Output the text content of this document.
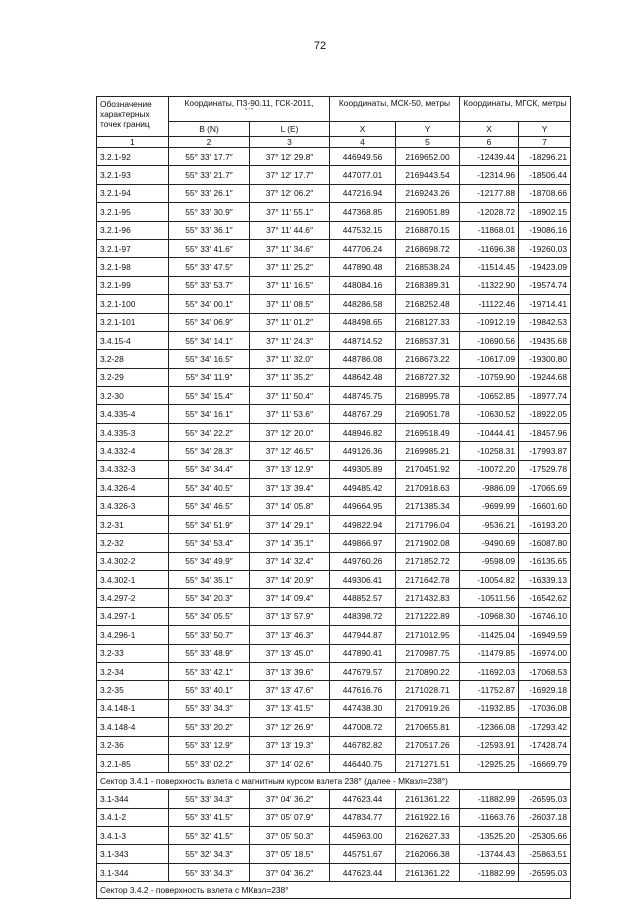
72
Обозначение характерных точек границ	Координаты, ПЗ-90.11, ГСК-2011,
° ′ ″		Координаты, МСК-50, метры		Координаты, МГСК, метры	
	B (N)	L (E)	X	Y	X	Y
1	2	3	4	5	6	7
3.2.1-92	55° 33′ 17.7″	37° 12′ 29.8″	446949.56	2169652.00	-12439.44	-18296.21
3.2.1-93	55° 33′ 21.7″	37° 12′ 17.7″	447077.01	2169443.54	-12314.96	-18506.44
3.2.1-94	55° 33′ 26.1″	37° 12′ 06.2″	447216.94	2169243.26	-12177.88	-18708.66
3.2.1-95	55° 33′ 30.9″	37° 11′ 55.1″	447368.85	2169051.89	-12028.72	-18902.15
3.2.1-96	55° 33′ 36.1″	37° 11′ 44.6″	447532.15	2168870.15	-11868.01	-19086.16
3.2.1-97	55° 33′ 41.6″	37° 11′ 34.6″	447706.24	2168698.72	-11696.38	-19260.03
3.2.1-98	55° 33′ 47.5″	37° 11′ 25.2″	447890.48	2168538.24	-11514.45	-19423.09
3.2.1-99	55° 33′ 53.7″	37° 11′ 16.5″	448084.16	2168389.31	-11322.90	-19574.74
3.2.1-100	55° 34′ 00.1″	37° 11′ 08.5″	448286.58	2168252.48	-11122.46	-19714.41
3.2.1-101	55° 34′ 06.9″	37° 11′ 01.2″	448498.65	2168127.33	-10912.19	-19842.53
3.4.15-4	55° 34′ 14.1″	37° 11′ 24.3″	448714.52	2168537.31	-10690.56	-19435.68
3.2-28	55° 34′ 16.5″	37° 11′ 32.0″	448786.08	2168673.22	-10617.09	-19300.80
3.2-29	55° 34′ 11.9″	37° 11′ 35.2″	448642.48	2168727.32	-10759.90	-19244.68
3.2-30	55° 34′ 15.4″	37° 11′ 50.4″	448745.75	2168995.78	-10652.85	-18977.74
3.4.335-4	55° 34′ 16.1″	37° 11′ 53.6″	448767.29	2169051.78	-10630.52	-18922.05
3.4.335-3	55° 34′ 22.2″	37° 12′ 20.0″	448946.82	2169518.49	-10444.41	-18457.96
3.4.332-4	55° 34′ 28.3″	37° 12′ 46.5″	449126.36	2169985.21	-10258.31	-17993.87
3.4.332-3	55° 34′ 34.4″	37° 13′ 12.9″	449305.89	2170451.92	-10072.20	-17529.78
3.4.326-4	55° 34′ 40.5″	37° 13′ 39.4″	449485.42	2170918.63	-9886.09	-17065.69
3.4.326-3	55° 34′ 46.5″	37° 14′ 05.8″	449664.95	2171385.34	-9699.99	-16601.60
3.2-31	55° 34′ 51.9″	37° 14′ 29.1″	449822.94	2171796.04	-9536.21	-16193.20
3.2-32	55° 34′ 53.4″	37° 14′ 35.1″	449866.97	2171902.08	-9490.69	-16087.80
3.4.302-2	55° 34′ 49.9″	37° 14′ 32.4″	449760.26	2171852.72	-9598.09	-16135.65
3.4.302-1	55° 34′ 35.1″	37° 14′ 20.9″	449306.41	2171642.78	-10054.82	-16339.13
3.4.297-2	55° 34′ 20.3″	37° 14′ 09.4″	448852.57	2171432.83	-10511.56	-16542.62
3.4.297-1	55° 34′ 05.5″	37° 13′ 57.9″	448398.72	2171222.89	-10968.30	-16746.10
3.4.296-1	55° 33′ 50.7″	37° 13′ 46.3″	447944.87	2171012.95	-11425.04	-16949.59
3.2-33	55° 33′ 48.9″	37° 13′ 45.0″	447890.41	2170987.75	-11479.85	-16974.00
3.2-34	55° 33′ 42.1″	37° 13′ 39.6″	447679.57	2170890.22	-11692.03	-17068.53
3.2-35	55° 33′ 40.1″	37° 13′ 47.6″	447616.76	2171028.71	-11752.87	-16929.18
3.4.148-1	55° 33′ 34.3″	37° 13′ 41.5″	447438.30	2170919.26	-11932.85	-17036.08
3.4.148-4	55° 33′ 20.2″	37° 12′ 26.9″	447008.72	2170655.81	-12366.08	-17293.42
3.2-36	55° 33′ 12.9″	37° 13′ 19.3″	446782.82	2170517.26	-12593.91	-17428.74
3.2.1-85	55° 33′ 02.2″	37° 14′ 02.6″	446440.75	2171271.51	-12925.25	-16669.79
Сектор 3.4.1 - поверхность взлета с магнитным курсом взлета 238° (далее - МКвзл=238°)						
3.1-344	55° 33′ 34.3″	37° 04′ 36.2″	447623.44	2161361.22	-11882.99	-26595.03
3.4.1-2	55° 33′ 41.5″	37° 05′ 07.9″	447834.77	2161922.16	-11663.76	-26037.18
3.4.1-3	55° 32′ 41.5″	37° 05′ 50.3″	445963.00	2162627.33	-13525.20	-25305.66
3.1-343	55° 32′ 34.3″	37° 05′ 18.5″	445751.67	2162066.38	-13744.43	-25863.51
3.1-344	55° 33′ 34.3″	37° 04′ 36.2″	447623.44	2161361.22	-11882.99	-26595.03
Сектор 3.4.2 - поверхность взлета с МКвзл=238°						
